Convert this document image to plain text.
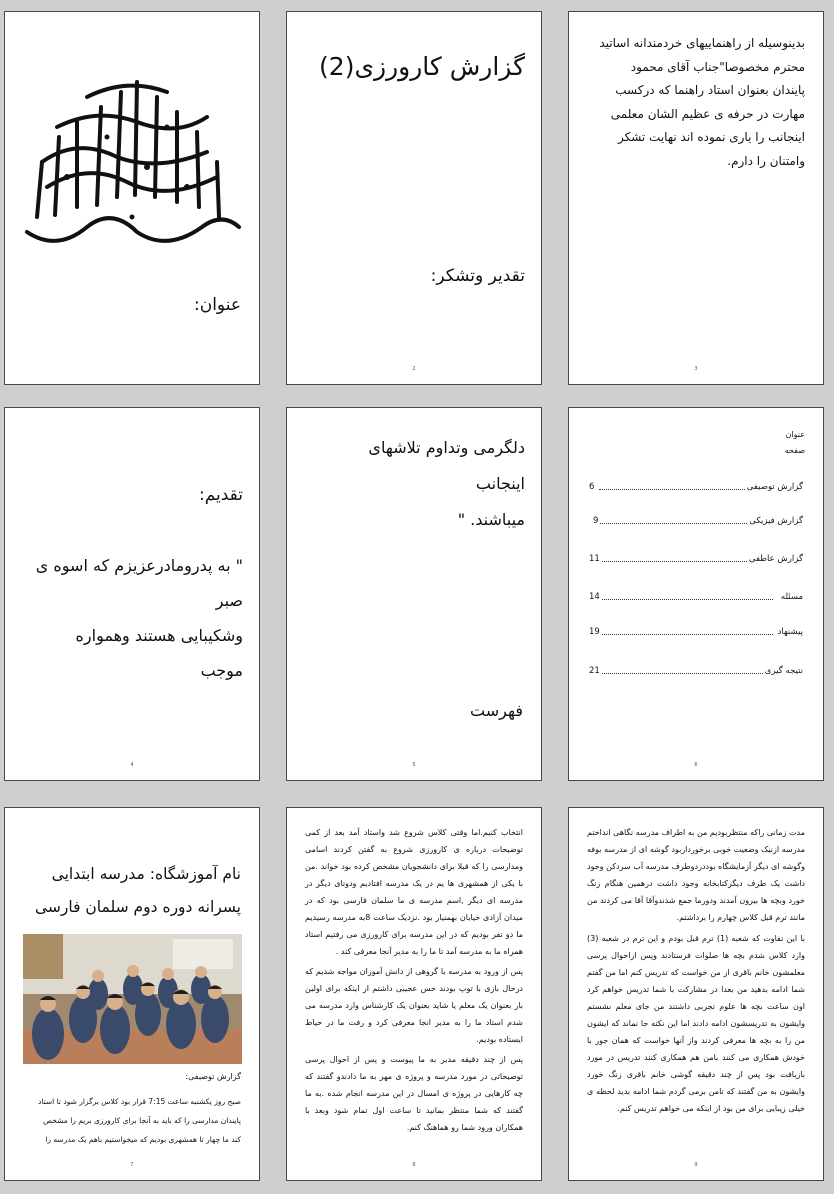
عنوان:
گزارش کارورزی(2)
تقدیر وتشکر:
2
بدینوسیله از راهنماییهای خردمندانه اساتید
محترم مخصوصا"جناب آقای محمود
پایندان بعنوان استاد راهنما که درکسب
مهارت در حرفه ی عظیم الشان معلمی
اینجانب را یاری نموده اند نهایت تشکر
وامتنان را دارم.
3
تقدیم:
" به پدرومادرعزیزم که اسوه ی
صبر
وشکیبایی هستند وهمواره
موجب
4
دلگرمی وتداوم تلاشهای
اینجانب
میباشند. "
فهرست
5
عنوان
صفحه
گزارش توصیفی
6
گزارش فیزیکی
9
گزارش عاطفی
11
مسئله
14
پیشنهاد
19
نتیجه گیری
21
6
نام آموزشگاه: مدرسه ابتدایی
پسرانه دوره دوم سلمان فارسی
گزارش توصیفی:
صبح روز یکشنبه ساعت 7:15 قرار بود کلاس برگزار شود تا استاد
پایندان مدارسی را که باید به آنجا برای کارورزی بریم را مشخص
کند ما چهار تا همشهری بودیم که میخواستیم باهم یک مدرسه را
7

انتخاب کنیم.اما وقتی کلاس شروع شد واستاد آمد بعد از کمی توضیحات درباره ی کارورزی شروع به گفتن کردند اسامی ومدارسی را که قبلا برای دانشجویان مشخص کرده بود خواند .من با یکی از همشهری ها یم در یک مدرسه افتادیم ودوتای دیگر در مدرسه ای دیگر ,اسم مدرسه ی ما سلمان فارسی بود که در میدان آزادی خیابان بهمنیار بود .نزدیک ساعت 8به مدرسه رسیدیم ما دو نفر بودیم که در این مدرسه برای کارورزی می رفتیم استاد همراه ما به مدرسه آمد تا ما را به مدیر آنجا معرفی کند .

پس از ورود به مدرسه با گروهی از دانش آموزان مواجه شدیم که درحال بازی با توپ بودند حس عجیبی داشتم از اینکه برای اولین بار بعنوان یک معلم یا شاید بعنوان یک کارشناس وارد مدرسه می شدم استاد ما را به مدیر انجا معرفی کرد و رفت ما در حیاط ایستاده بودیم.

پس از چند دقیقه مدیر به ما پیوست و پس از احوال پرسی توضیحاتی در مورد مدرسه و پروژه ی مهر به ما دادندو گفتند که چه کارهایی در پروژه ی امسال در این مدرسه انجام شده .به ما گفتند که شما منتظر بمانید تا ساعت اول تمام شود وبعد با همکاران ورود شما رو هماهنگ کنم.

8

مدت زمانی راکه منتظربودیم من به اطراف مدرسه نگاهی انداختم مدرسه ازنیک وضعیت خوبی برخورداربود گوشه ای از مدرسه بوفه وگوشه ای دیگر آزمایشگاه بوددردوطرف مدرسه آب سردکن وجود داشت یک طرف دیگرکتابخانه وجود داشت درهمین هنگام زنگ خورد وبچه ها بیرون آمدند ودورما جمع شدندوآقا آقا می کردند من مانند ترم قبل کلاس چهارم را برداشتم.

با این تفاوت که شعبه (1) ترم قبل بودم و این ترم در شعبه (3) وارد کلاس شدم بچه ها صلوات فرستادند وپس ازاحوال پرسی معلمشون خانم باقری از من خواست که تدریس کنم اما من گفتم شما ادامه بدهید من بعدا در مشارکت با شما تدریس خواهم کرد اون ساعت بچه ها علوم تجربی داشتند من جای معلم نشستم وایشون به تدریسشون ادامه دادند اما این نکته جا نماند که ایشون من را به بچه ها معرفی کردند واز آنها خواست که همان جور با خودش همکاری می کنند بامن هم همکاری کنند تدریس در مورد بازیافت بود پس از چند دقیقه گوشی خانم باقری زنگ خورد وایشون به من گفتند که تامن برمی گردم شما ادامه بدید لحظه ی خیلی زیبایی برای من بود از اینکه می خواهم تدریس کنم.

9
